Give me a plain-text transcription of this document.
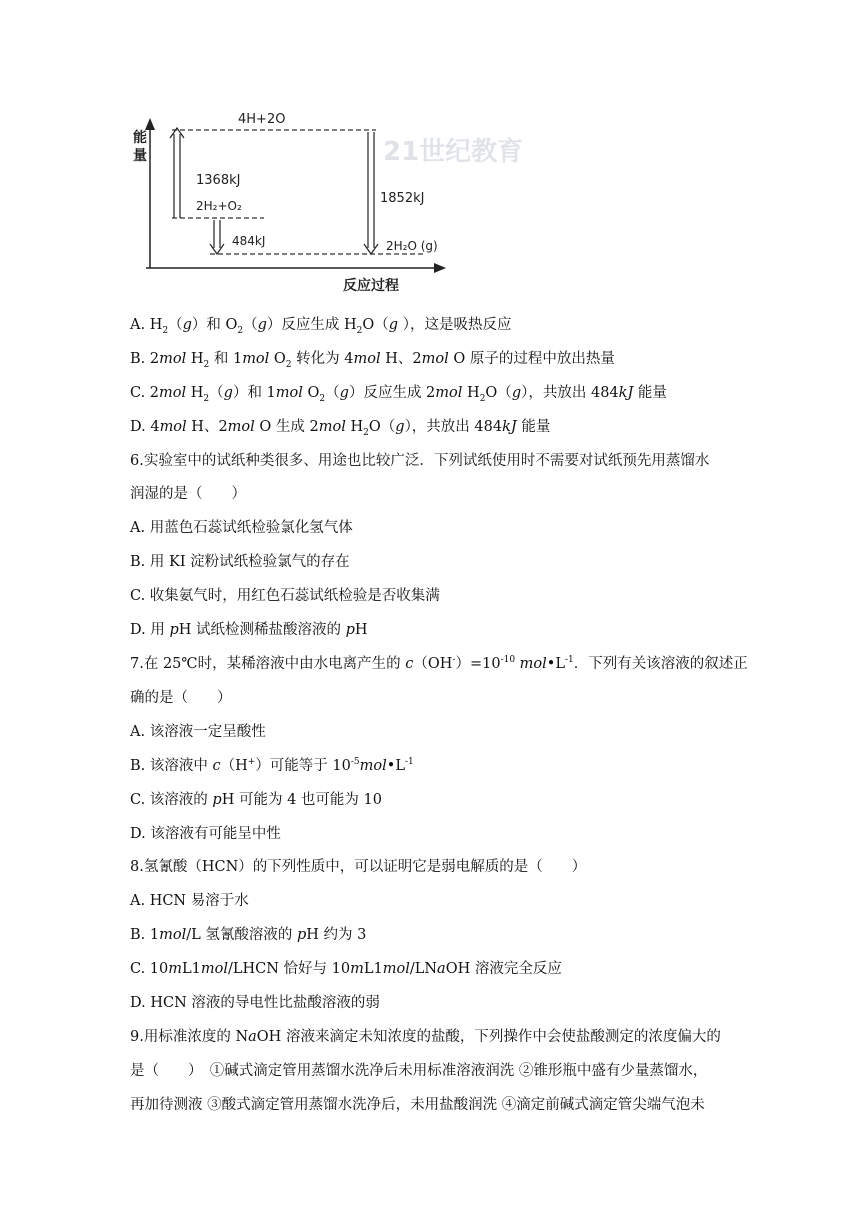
21世纪教育
能 量
反应过程
4H+2O
2H₂+O₂
2H₂O (g)
1368kJ
1852kJ
484kJ
A. $H_2(g)$和 $O_2(g)$反应生成 $H_2O(g$ ），这是吸热反应
B. 2mol $H_2$ 和 1mol $O_2$ 转化为 4mol H、2mol O 原子的过程中放出热量
C. 2mol $H_2(g)$和 1mol $O_2(g)$反应生成 2mol $H_2O(g)$，共放出 484kJ 能量
D. 4mol H、2mol O 生成 2mol $H_2O(g)$，共放出 484kJ 能量
6.实验室中的试纸种类很多、用途也比较广泛．下列试纸使用时不需要对试纸预先用蒸馏水
润湿的是（　　）
A. 用蓝色石蕊试纸检验氯化氢气体
B. 用 KI 淀粉试纸检验氯气的存在
C. 收集氨气时，用红色石蕊试纸检验是否收集满
D. 用 pH 试纸检测稀盐酸溶液的 pH
7.在 25℃时，某稀溶液中由水电离产生的 $c(OH^-)=10^{-10}$ $mol•L^{-1}$．下列有关该溶液的叙述正
确的是（　　）
A. 该溶液一定呈酸性
B. 该溶液中 c（H+）可能等于 $10^{-5}mol•L^{-1}$
C. 该溶液的 pH 可能为 4 也可能为 10
D. 该溶液有可能呈中性
8.氢氰酸（HCN）的下列性质中，可以证明它是弱电解质的是（　　）
A. HCN 易溶于水
B. 1mol/L 氢氰酸溶液的 pH 约为 3
C. 10mL1mol/LHCN 恰好与 10mL1mol/LNaOH 溶液完全反应
D. HCN 溶液的导电性比盐酸溶液的弱
9.用标准浓度的 NaOH 溶液来滴定未知浓度的盐酸，下列操作中会使盐酸测定的浓度偏大的
是（　　）　①碱式滴定管用蒸馏水洗净后未用标准溶液润洗 ②锥形瓶中盛有少量蒸馏水，
再加待测液 ③酸式滴定管用蒸馏水洗净后，未用盐酸润洗 ④滴定前碱式滴定管尖端气泡未
